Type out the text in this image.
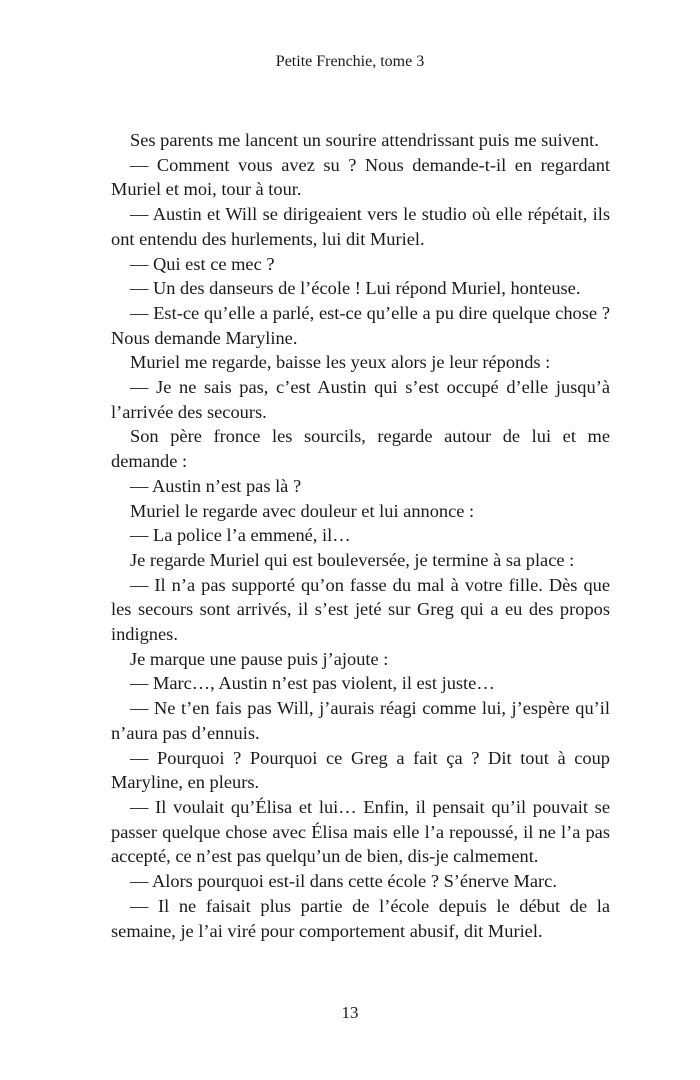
Petite Frenchie, tome 3

Ses parents me lancent un sourire attendrissant puis me suivent.

— Comment vous avez su ? Nous demande-t-il en regardant Muriel et moi, tour à tour.

— Austin et Will se dirigeaient vers le studio où elle répétait, ils ont entendu des hurlements, lui dit Muriel.

— Qui est ce mec ?

— Un des danseurs de l’école ! Lui répond Muriel, honteuse.

— Est-ce qu’elle a parlé, est-ce qu’elle a pu dire quelque chose ? Nous demande Maryline.

Muriel me regarde, baisse les yeux alors je leur réponds :

— Je ne sais pas, c’est Austin qui s’est occupé d’elle jusqu’à l’arrivée des secours.

Son père fronce les sourcils, regarde autour de lui et me demande :

— Austin n’est pas là ?

Muriel le regarde avec douleur et lui annonce :

— La police l’a emmené, il…

Je regarde Muriel qui est bouleversée, je termine à sa place :

— Il n’a pas supporté qu’on fasse du mal à votre fille. Dès que les secours sont arrivés, il s’est jeté sur Greg qui a eu des propos indignes.

Je marque une pause puis j’ajoute :

— Marc…, Austin n’est pas violent, il est juste…

— Ne t’en fais pas Will, j’aurais réagi comme lui, j’espère qu’il n’aura pas d’ennuis.

— Pourquoi ? Pourquoi ce Greg a fait ça ? Dit tout à coup Maryline, en pleurs.

— Il voulait qu’Élisa et lui… Enfin, il pensait qu’il pouvait se passer quelque chose avec Élisa mais elle l’a repoussé, il ne l’a pas accepté, ce n’est pas quelqu’un de bien, dis-je calmement.

— Alors pourquoi est-il dans cette école ? S’énerve Marc.

— Il ne faisait plus partie de l’école depuis le début de la semaine, je l’ai viré pour comportement abusif, dit Muriel.

13
